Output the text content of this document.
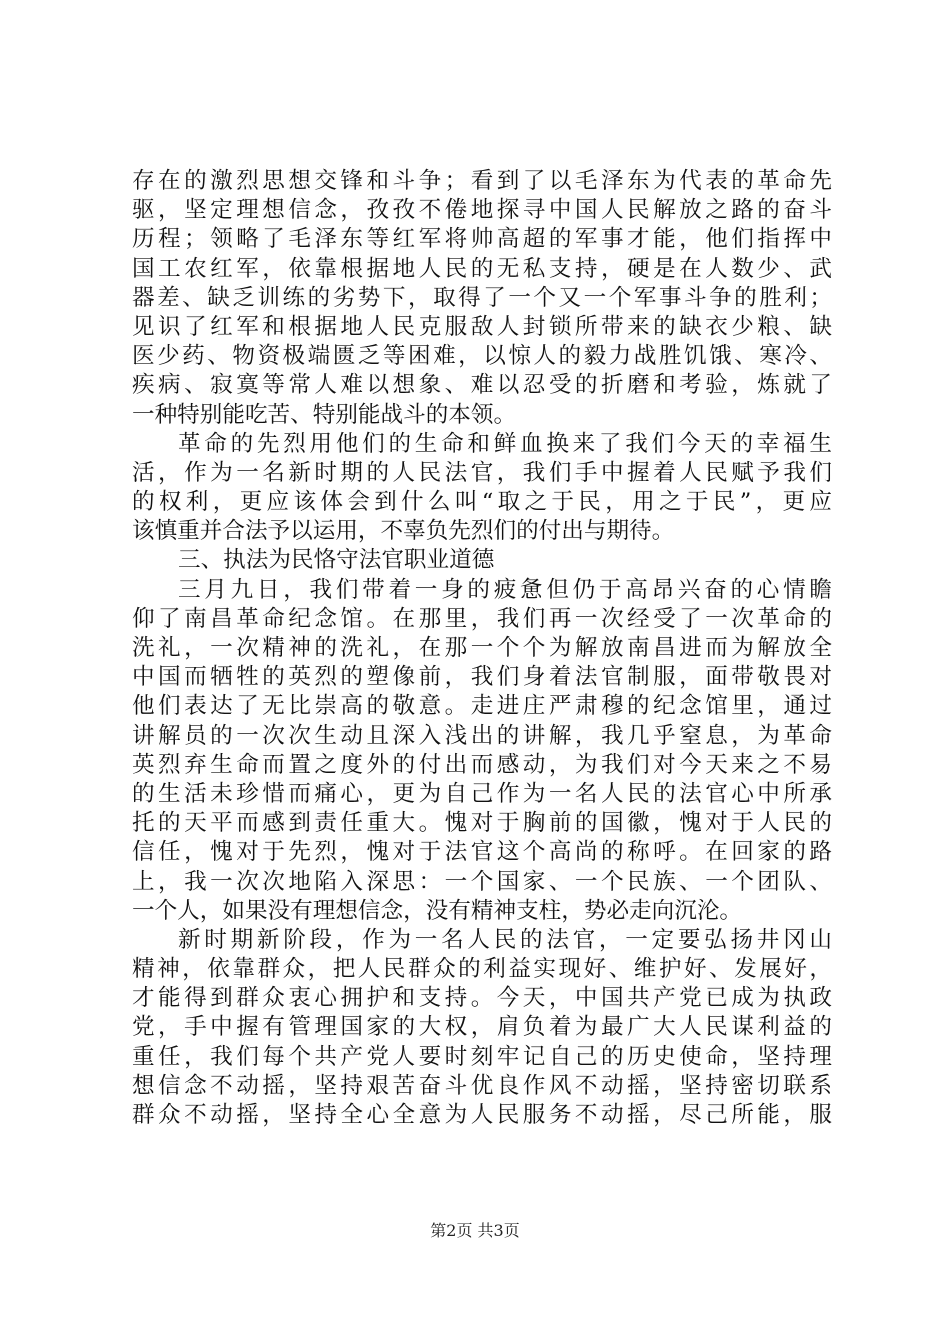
存在的激烈思想交锋和斗争；看到了以毛泽东为代表的革命先
驱，坚定理想信念，孜孜不倦地探寻中国人民解放之路的奋斗
历程；领略了毛泽东等红军将帅高超的军事才能，他们指挥中
国工农红军，依靠根据地人民的无私支持，硬是在人数少、武
器差、缺乏训练的劣势下，取得了一个又一个军事斗争的胜利；
见识了红军和根据地人民克服敌人封锁所带来的缺衣少粮、缺
医少药、物资极端匮乏等困难，以惊人的毅力战胜饥饿、寒冷、
疾病、寂寞等常人难以想象、难以忍受的折磨和考验，炼就了
一种特别能吃苦、特别能战斗的本领。
革命的先烈用他们的生命和鲜血换来了我们今天的幸福生
活，作为一名新时期的人民法官，我们手中握着人民赋予我们
的权利，更应该体会到什么叫“取之于民，用之于民”，更应
该慎重并合法予以运用，不辜负先烈们的付出与期待。
三、执法为民恪守法官职业道德
三月九日，我们带着一身的疲惫但仍于高昂兴奋的心情瞻
仰了南昌革命纪念馆。在那里，我们再一次经受了一次革命的
洗礼，一次精神的洗礼，在那一个个为解放南昌进而为解放全
中国而牺牲的英烈的塑像前，我们身着法官制服，面带敬畏对
他们表达了无比崇高的敬意。走进庄严肃穆的纪念馆里，通过
讲解员的一次次生动且深入浅出的讲解，我几乎窒息，为革命
英烈弃生命而置之度外的付出而感动，为我们对今天来之不易
的生活未珍惜而痛心，更为自己作为一名人民的法官心中所承
托的天平而感到责任重大。愧对于胸前的国徽，愧对于人民的
信任，愧对于先烈，愧对于法官这个高尚的称呼。在回家的路
上，我一次次地陷入深思：一个国家、一个民族、一个团队、
一个人，如果没有理想信念，没有精神支柱，势必走向沉沦。
新时期新阶段，作为一名人民的法官，一定要弘扬井冈山
精神，依靠群众，把人民群众的利益实现好、维护好、发展好，
才能得到群众衷心拥护和支持。今天，中国共产党已成为执政
党，手中握有管理国家的大权，肩负着为最广大人民谋利益的
重任，我们每个共产党人要时刻牢记自己的历史使命，坚持理
想信念不动摇，坚持艰苦奋斗优良作风不动摇，坚持密切联系
群众不动摇，坚持全心全意为人民服务不动摇，尽己所能，服
第2页 共3页
